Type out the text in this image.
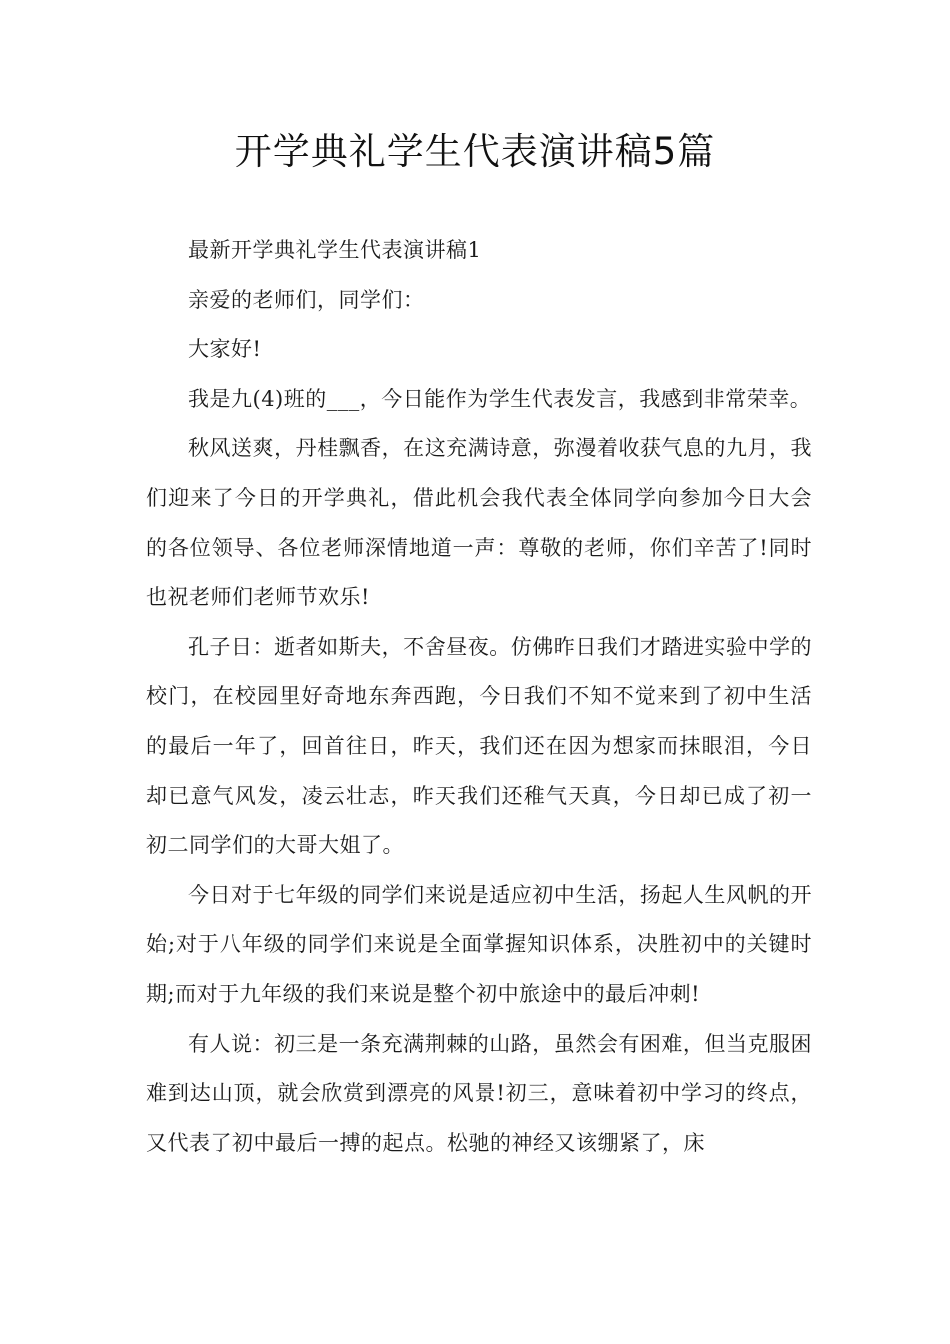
开学典礼学生代表演讲稿5篇

最新开学典礼学生代表演讲稿1

亲爱的老师们，同学们：

大家好!

我是九(4)班的___，今日能作为学生代表发言，我感到非常荣幸。

秋风送爽，丹桂飘香，在这充满诗意，弥漫着收获气息的九月，我们迎来了今日的开学典礼，借此机会我代表全体同学向参加今日大会的各位领导、各位老师深情地道一声：尊敬的老师，你们辛苦了!同时也祝老师们老师节欢乐!

孔子日：逝者如斯夫，不舍昼夜。仿佛昨日我们才踏进实验中学的校门，在校园里好奇地东奔西跑，今日我们不知不觉来到了初中生活的最后一年了，回首往日，昨天，我们还在因为想家而抹眼泪，今日却已意气风发，凌云壮志，昨天我们还稚气天真，今日却已成了初一初二同学们的大哥大姐了。

今日对于七年级的同学们来说是适应初中生活，扬起人生风帆的开始;对于八年级的同学们来说是全面掌握知识体系，决胜初中的关键时期;而对于九年级的我们来说是整个初中旅途中的最后冲刺!

有人说：初三是一条充满荆棘的山路，虽然会有困难，但当克服困难到达山顶，就会欣赏到漂亮的风景!初三，意味着初中学习的终点，又代表了初中最后一搏的起点。松驰的神经又该绷紧了，床
